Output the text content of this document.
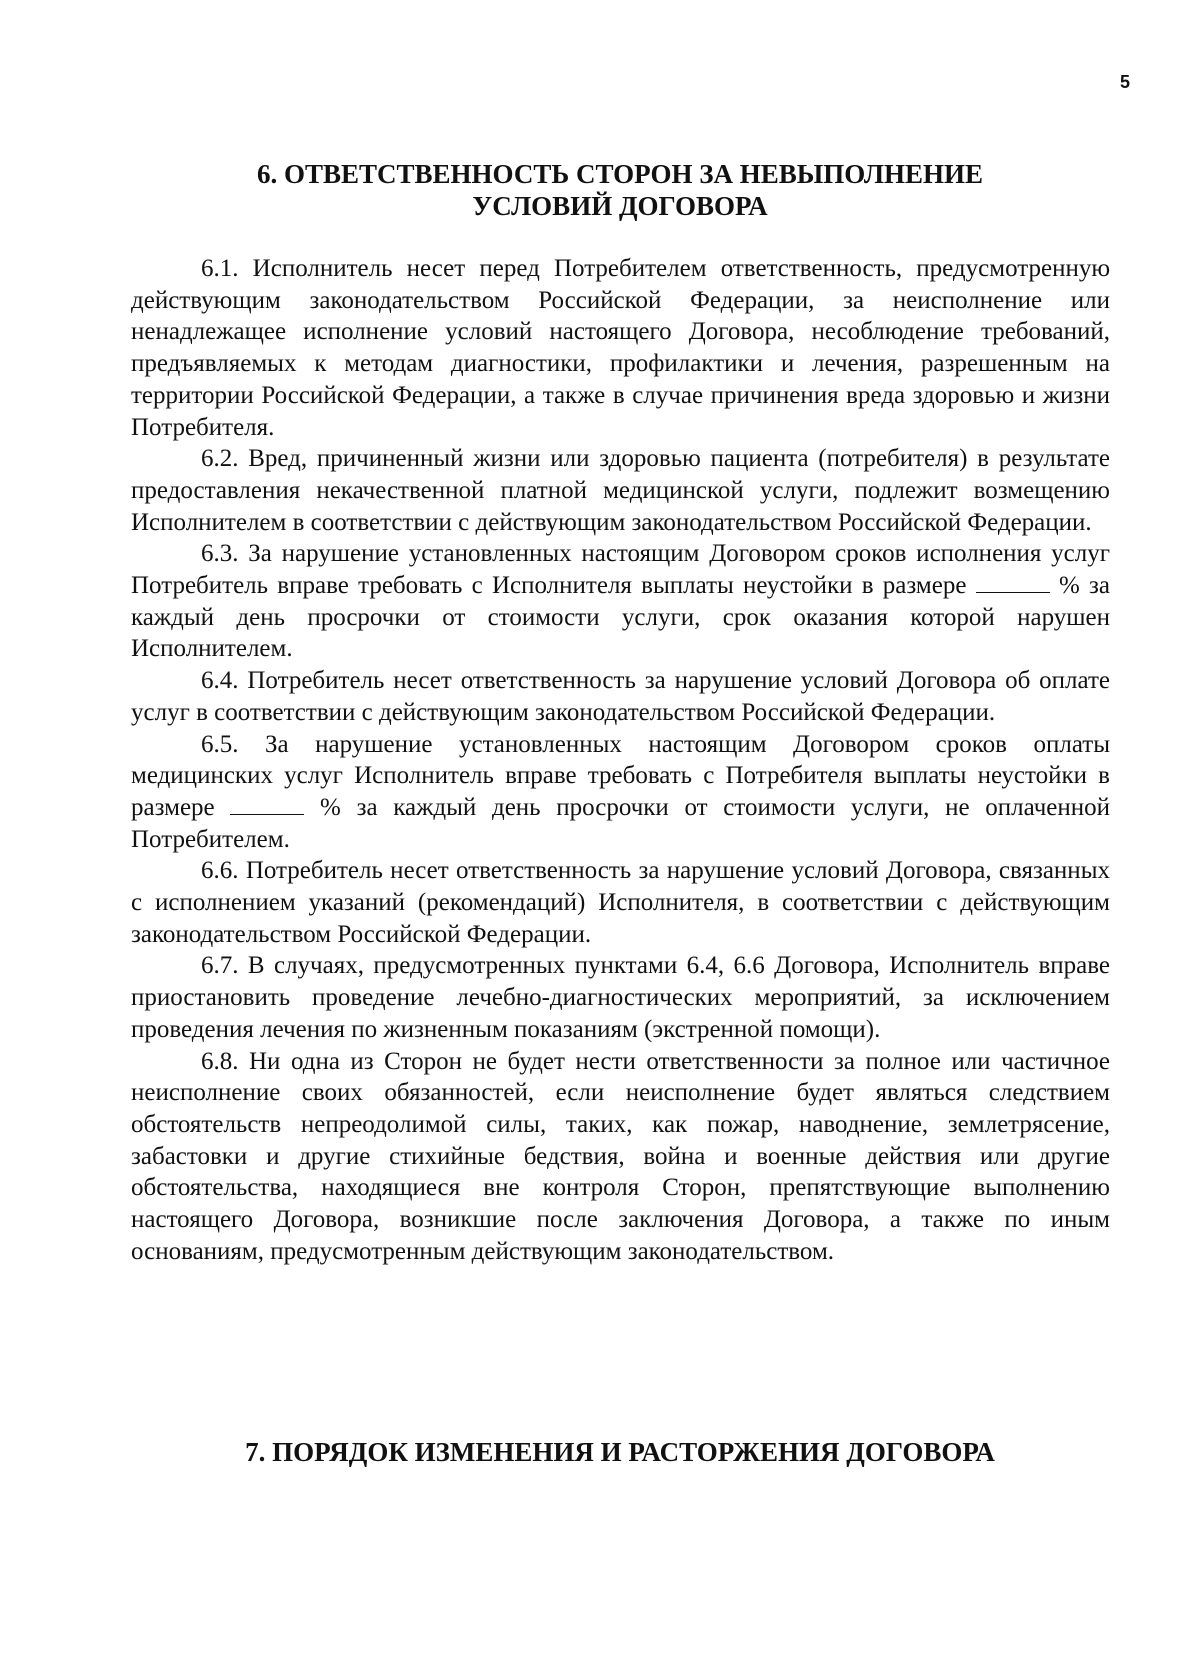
5
6. ОТВЕТСТВЕННОСТЬ СТОРОН ЗА НЕВЫПОЛНЕНИЕ
УСЛОВИЙ ДОГОВОРА

6.1. Исполнитель несет перед Потребителем ответственность, предусмотренную действующим законодательством Российской Федерации, за неисполнение или ненадлежащее исполнение условий настоящего Договора, несоблюдение требований, предъявляемых к методам диагностики, профилактики и лечения, разрешенным на территории Российской Федерации, а также в случае причинения вреда здоровью и жизни Потребителя.

6.2. Вред, причиненный жизни или здоровью пациента (потребителя) в результате предоставления некачественной платной медицинской услуги, подлежит возмещению Исполнителем в соответствии с действующим законодательством Российской Федерации.

6.3. За нарушение установленных настоящим Договором сроков исполнения услуг Потребитель вправе требовать с Исполнителя выплаты неустойки в размере	% за каждый день просрочки от стоимости услуги, срок оказания которой нарушен Исполнителем.

6.4. Потребитель несет ответственность за нарушение условий Договора об оплате услуг в соответствии с действующим законодательством Российской Федерации.

6.5. За нарушение установленных настоящим Договором сроков оплаты медицинских услуг Исполнитель вправе требовать с Потребителя выплаты неустойки в размере	% за каждый день просрочки от стоимости услуги, не оплаченной Потребителем.

6.6. Потребитель несет ответственность за нарушение условий Договора, связанных с исполнением указаний (рекомендаций) Исполнителя, в соответствии с действующим законодательством Российской Федерации.

6.7. В случаях, предусмотренных пунктами 6.4, 6.6 Договора, Исполнитель вправе приостановить проведение лечебно-диагностических мероприятий, за исключением проведения лечения по жизненным показаниям (экстренной помощи).

6.8. Ни одна из Сторон не будет нести ответственности за полное или частичное неисполнение своих обязанностей, если неисполнение будет являться следствием обстоятельств непреодолимой силы, таких, как пожар, наводнение, землетрясение, забастовки и другие стихийные бедствия, война и военные действия или другие обстоятельства, находящиеся вне контроля Сторон, препятствующие выполнению настоящего Договора, возникшие после заключения Договора, а также по иным основаниям, предусмотренным действующим законодательством.

7. ПОРЯДОК ИЗМЕНЕНИЯ И РАСТОРЖЕНИЯ ДОГОВОРА
